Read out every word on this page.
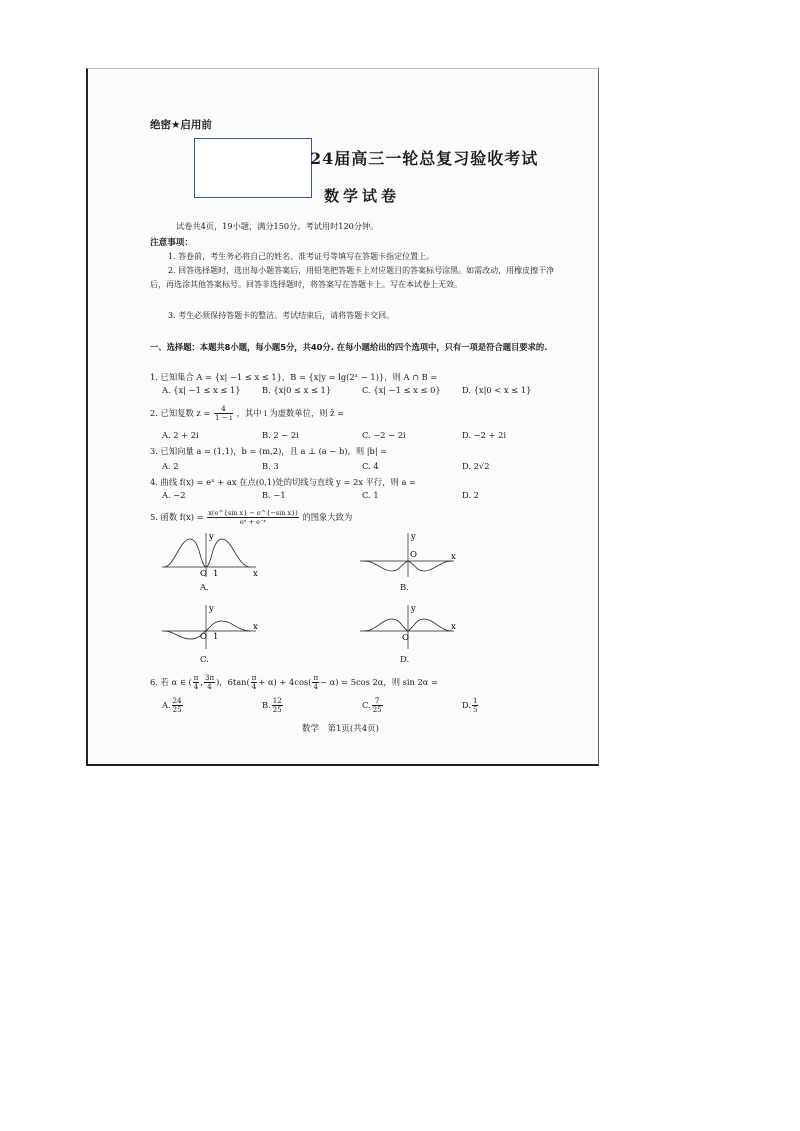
绝密★启用前
24届高三一轮总复习验收考试
数学试卷
试卷共4页，19小题，满分150分。考试用时120分钟。
注意事项：
1. 答卷前，考生务必将自己的姓名、准考证号等填写在答题卡指定位置上。
2. 回答选择题时，选出每小题答案后，用铅笔把答题卡上对应题目的答案标号涂黑。如需改动，用橡皮擦干净后，再选涂其他答案标号。回答非选择题时，将答案写在答题卡上。写在本试卷上无效。
3. 考生必须保持答题卡的整洁。考试结束后，请将答题卡交回。
一、选择题：本题共8小题，每小题5分，共40分. 在每小题给出的四个选项中，只有一项是符合题目要求的.
1. 已知集合 A = {x| −1 ≤ x ≤ 1}，B = {x|y = lg(2ˣ − 1)}，则 A ∩ B =
A. {x| −1 ≤ x ≤ 1}	B. {x|0 ≤ x ≤ 1}	C. {x| −1 ≤ x ≤ 0}	D. {x|0 < x ≤ 1}
2. 已知复数 $z = \frac{4}{1 - i}$ ，其中 i 为虚数单位，则 z̄ =
A. 2 + 2i	B. 2 − 2i	C. −2 − 2i	D. −2 + 2i
3. 已知向量 a = (1,1)，b = (m,2)，且 a ⊥ (a − b)，则 |b| =
A. 2	B. 3	C. 4	D. 2√2
4. 曲线 f(x) = eˣ + ax 在点(0,1)处的切线与直线 y = 2x 平行，则 a =
A. −2	B. −1	C. 1	D. 2
5. 函数 $f(x) = \frac{\text{x(e\textasciicircum{}\{sin x\} − e\textasciicircum{}\{−sin x\})}}{\text{eˣ + e⁻ˣ}}$ 的图象大致为
y
x
O 1
A.
y
x
O
B.
y
x
O 1
C.
y
x
O
D.
6. 若 α ∈ ( $\frac{\pi}{4}$ , $\frac{3\pi}{4}$ )，$6\tan( \frac{\pi}{4} + \alpha) + 4\cos( \frac{\pi}{4} - \alpha) = 5\cos$ 2α，则 sin 2α =
A. $\frac{24}{25}$	B. $\frac{12}{25}$	C. $\frac{7}{25}$	D. $\frac{1}{5}$
数学　第1页(共4页)
